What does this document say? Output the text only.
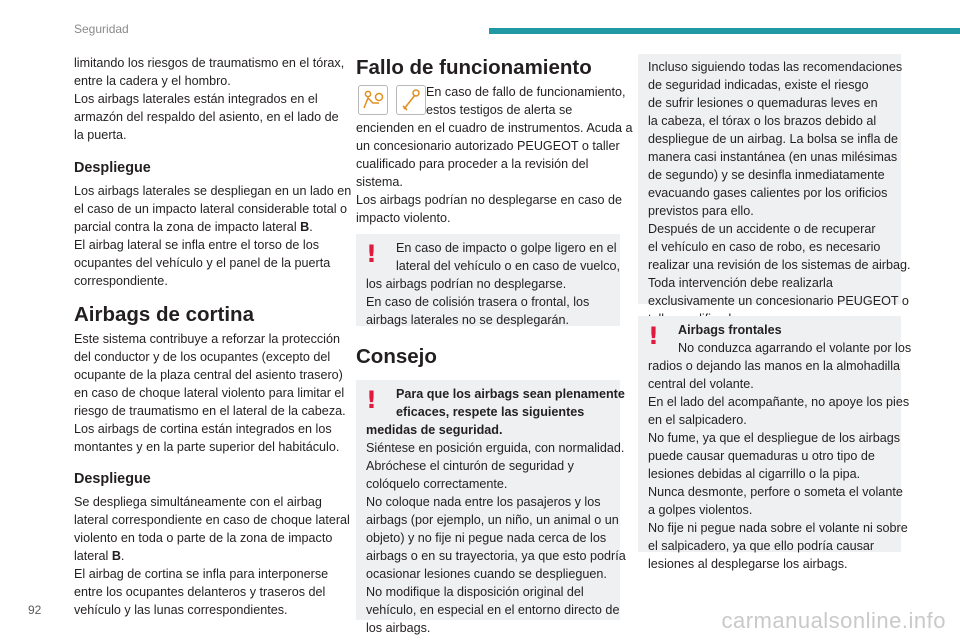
Seguridad

limitando los riesgos de traumatismo en el tórax,
entre la cadera y el hombro.
Los airbags laterales están integrados en el
armazón del respaldo del asiento, en el lado de
la puerta.

Despliegue

Los airbags laterales se despliegan en un lado en
el caso de un impacto lateral considerable total o
parcial contra la zona de impacto lateral B.
El airbag lateral se infla entre el torso de los
ocupantes del vehículo y el panel de la puerta
correspondiente.

Airbags de cortina

Este sistema contribuye a reforzar la protección
del conductor y de los ocupantes (excepto del
ocupante de la plaza central del asiento trasero)
en caso de choque lateral violento para limitar el
riesgo de traumatismo en el lateral de la cabeza.
Los airbags de cortina están integrados en los
montantes y en la parte superior del habitáculo.

Despliegue

Se despliega simultáneamente con el airbag
lateral correspondiente en caso de choque lateral
violento en toda o parte de la zona de impacto
lateral B.
El airbag de cortina se infla para interponerse
entre los ocupantes delanteros y traseros del
vehículo y las lunas correspondientes.

Fallo de funcionamiento

En caso de fallo de funcionamiento,
estos testigos de alerta se

encienden en el cuadro de instrumentos. Acuda a
un concesionario autorizado PEUGEOT o taller
cualificado para proceder a la revisión del
sistema.
Los airbags podrían no desplegarse en caso de
impacto violento.

!	En caso de impacto o golpe ligero en el
lateral del vehículo o en caso de vuelco,
los airbags podrían no desplegarse.
En caso de colisión trasera o frontal, los
airbags laterales no se desplegarán.

Consejo
!	Para que los airbags sean plenamente
eficaces, respete las siguientes
medidas de seguridad.
Siéntese en posición erguida, con normalidad.
Abróchese el cinturón de seguridad y
colóquelo correctamente.
No coloque nada entre los pasajeros y los
airbags (por ejemplo, un niño, un animal o un
objeto) y no fije ni pegue nada cerca de los
airbags o en su trayectoria, ya que esto podría
ocasionar lesiones cuando se desplieguen.
No modifique la disposición original del
vehículo, en especial en el entorno directo de
los airbags.

Incluso siguiendo todas las recomendaciones
de seguridad indicadas, existe el riesgo
de sufrir lesiones o quemaduras leves en
la cabeza, el tórax o los brazos debido al
despliegue de un airbag. La bolsa se infla de
manera casi instantánea (en unas milésimas
de segundo) y se desinfla inmediatamente
evacuando gases calientes por los orificios
previstos para ello.
Después de un accidente o de recuperar
el vehículo en caso de robo, es necesario
realizar una revisión de los sistemas de airbag.
Toda intervención debe realizarla
exclusivamente un concesionario PEUGEOT o

!	Airbags frontales
No conduzca agarrando el volante por los
radios o dejando las manos en la almohadilla
central del volante.
En el lado del acompañante, no apoye los pies
en el salpicadero.
No fume, ya que el despliegue de los airbags
puede causar quemaduras u otro tipo de
lesiones debidas al cigarrillo o la pipa.
Nunca desmonte, perfore o someta el volante
a golpes violentos.
No fije ni pegue nada sobre el volante ni sobre
el salpicadero, ya que ello podría causar
lesiones al desplegarse los airbags.

92	carmanualsonline.info
